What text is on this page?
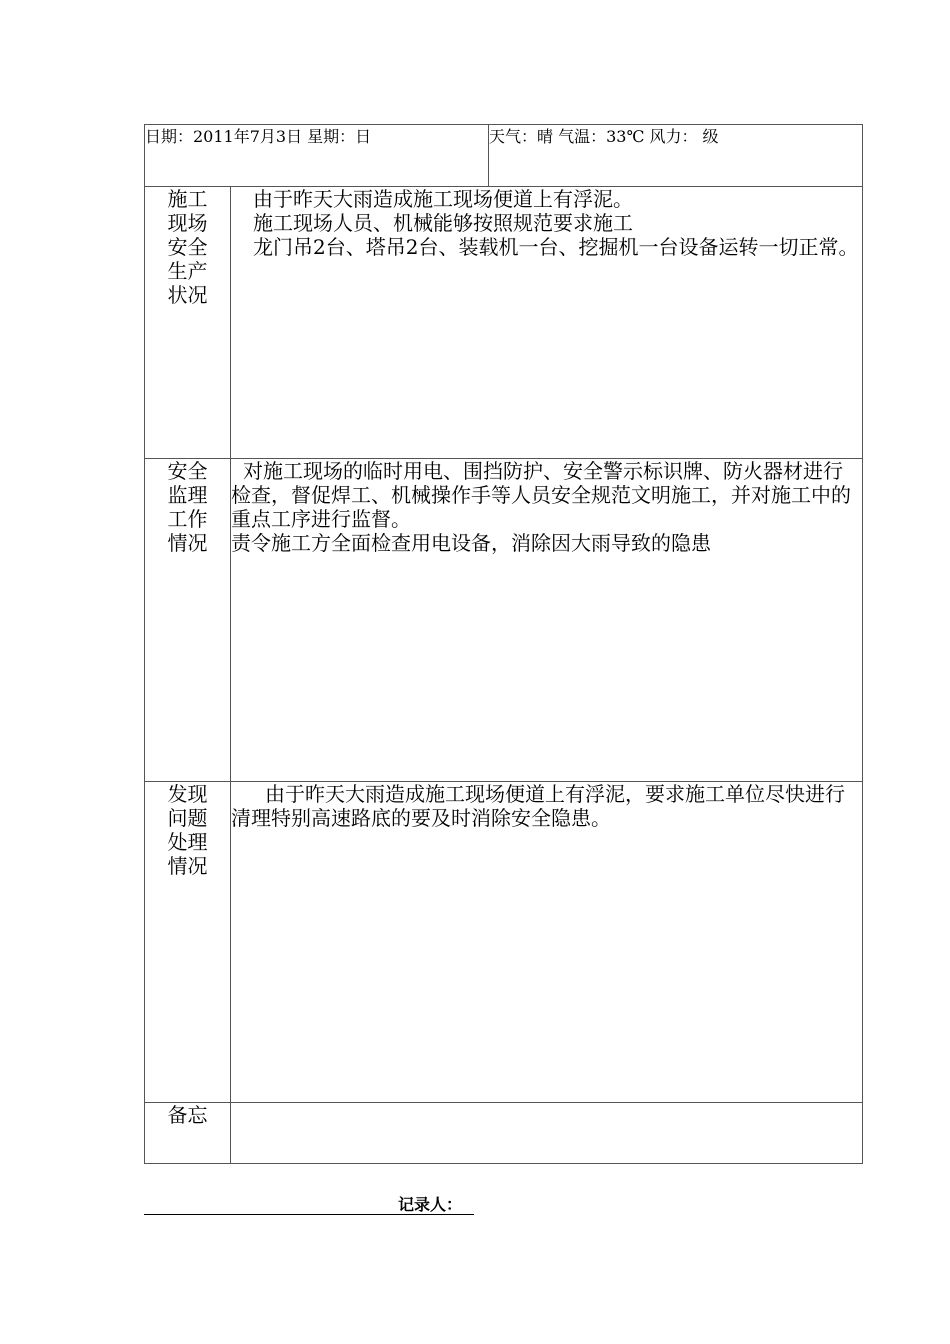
日期：2011年7月3日 星期：日		天气：晴 气温：33℃ 风力： 级

施工现场安全生产状况	由于昨天大雨造成施工现场便道上有浮泥。

施工现场人员、机械能够按照规范要求施工

龙门吊2台、塔吊2台、装载机一台、挖掘机一台设备运转一切正常。	

安全监理工作情况	对施工现场的临时用电、围挡防护、安全警示标识牌、防火器材进行检查，督促焊工、机械操作手等人员安全规范文明施工，并对施工中的重点工序进行监督。

责令施工方全面检查用电设备，消除因大雨导致的隐患	

发现问题处理情况	由于昨天大雨造成施工现场便道上有浮泥，要求施工单位尽快进行清理特别高速路底的要及时消除安全隐患。	

备忘		

记录人：
